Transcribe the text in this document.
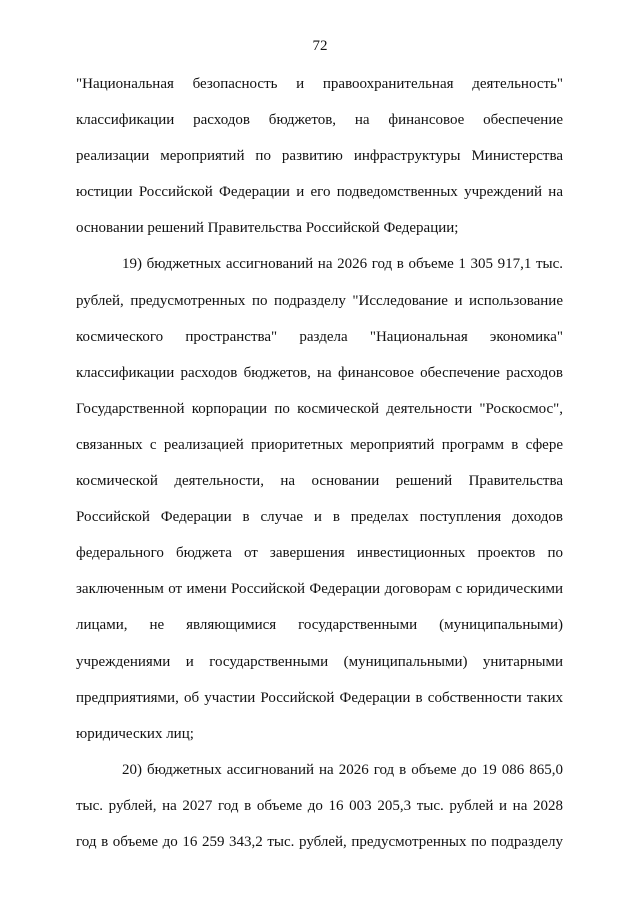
72
"Национальная безопасность и правоохранительная деятельность"
классификации расходов бюджетов, на финансовое обеспечение
реализации мероприятий по развитию инфраструктуры Министерства
юстиции Российской Федерации и его подведомственных учреждений на
основании решений Правительства Российской Федерации;
19) бюджетных ассигнований на 2026 год в объеме 1 305 917,1 тыс.
рублей, предусмотренных по подразделу "Исследование и использование
космического пространства" раздела "Национальная экономика"
классификации расходов бюджетов, на финансовое обеспечение расходов
Государственной корпорации по космической деятельности "Роскосмос",
связанных с реализацией приоритетных мероприятий программ в сфере
космической деятельности, на основании решений Правительства
Российской Федерации в случае и в пределах поступления доходов
федерального бюджета от завершения инвестиционных проектов по
заключенным от имени Российской Федерации договорам с юридическими
лицами, не являющимися государственными (муниципальными)
учреждениями и государственными (муниципальными) унитарными
предприятиями, об участии Российской Федерации в собственности таких
юридических лиц;
20) бюджетных ассигнований на 2026 год в объеме до 19 086 865,0
тыс. рублей, на 2027 год в объеме до 16 003 205,3 тыс. рублей и на 2028
год в объеме до 16 259 343,2 тыс. рублей, предусмотренных по подразделу
